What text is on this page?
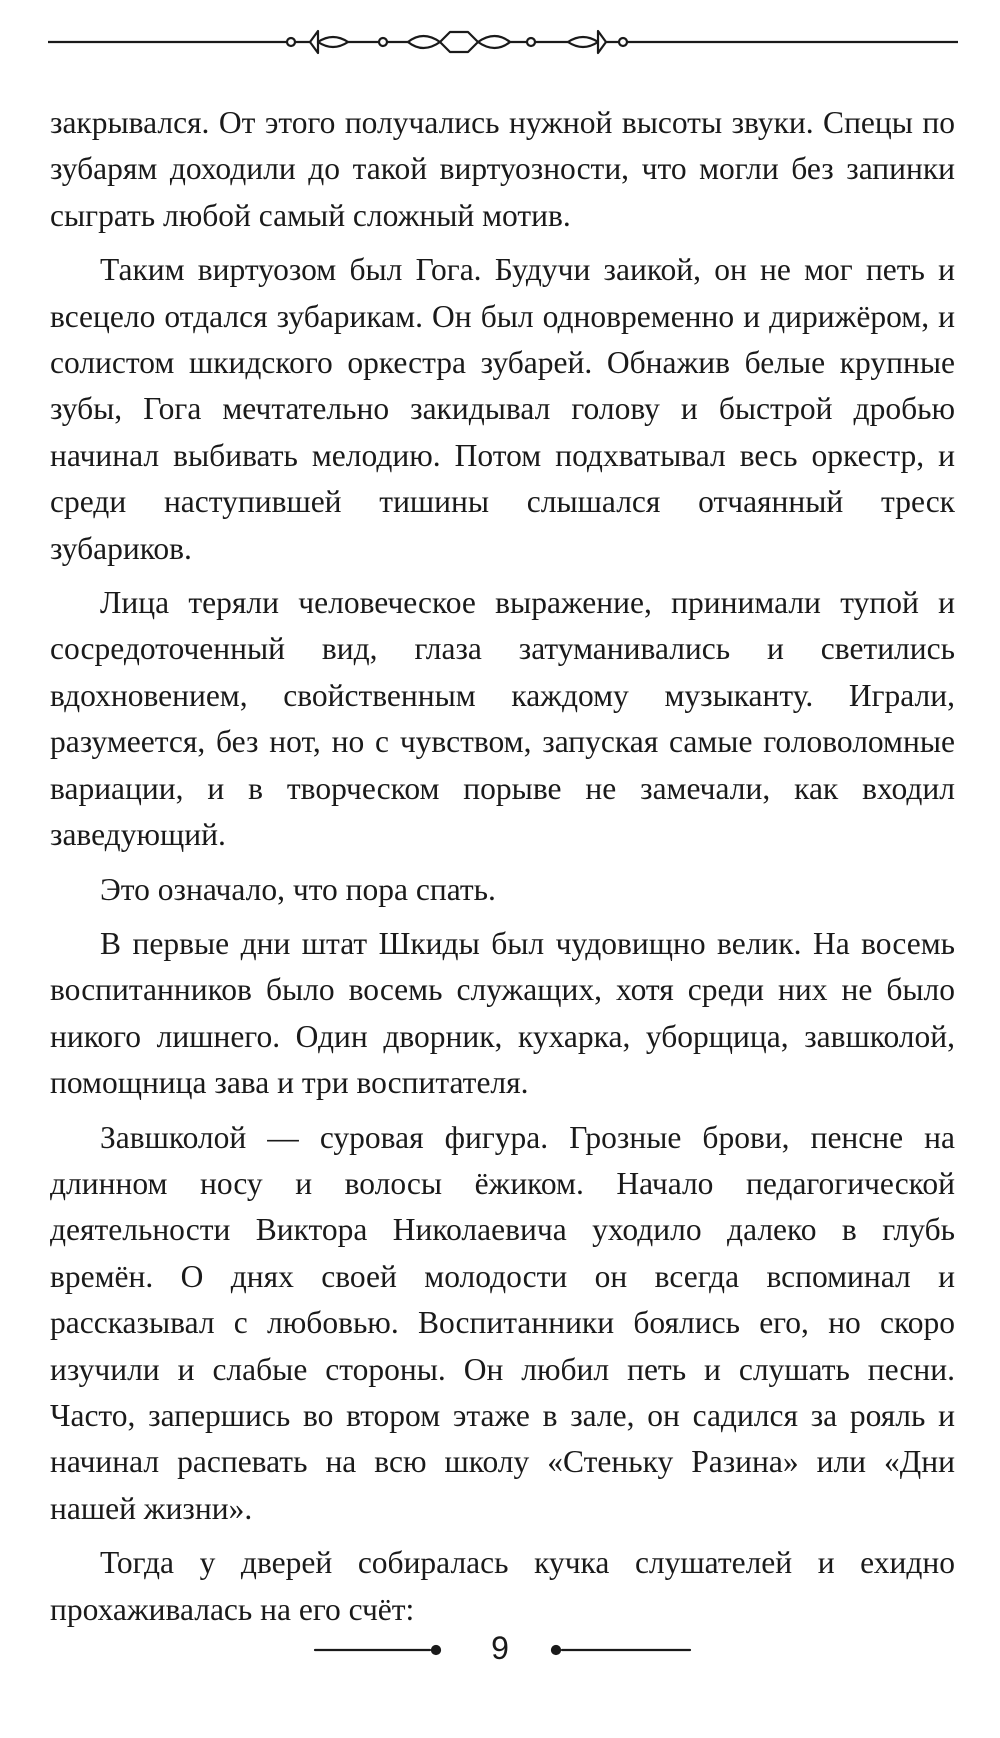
закрывался. От этого получались нужной высоты звуки. Спецы по зубарям доходили до такой виртуозности, что могли без запинки сыграть любой самый сложный мотив.

Таким виртуозом был Гога. Будучи заикой, он не мог петь и всецело отдался зубарикам. Он был одновременно и дирижёром, и солистом шкидского оркестра зубарей. Обнажив белые крупные зубы, Гога мечтательно закидывал голову и быстрой дробью начинал выбивать мелодию. Потом подхватывал весь оркестр, и среди наступившей тишины слышался отчаянный треск зубариков.

Лица теряли человеческое выражение, принимали тупой и сосредоточенный вид, глаза затуманивались и светились вдохновением, свойственным каждому музыканту. Играли, разумеется, без нот, но с чувством, запуская самые головоломные вариации, и в творческом порыве не замечали, как входил заведующий.

Это означало, что пора спать.

В первые дни штат Шкиды был чудовищно велик. На восемь воспитанников было восемь служащих, хотя среди них не было никого лишнего. Один дворник, кухарка, уборщица, завшколой, помощница зава и три воспитателя.

Завшколой — суровая фигура. Грозные брови, пенсне на длинном носу и волосы ёжиком. Начало педагогической деятельности Виктора Николаевича уходило далеко в глубь времён. О днях своей молодости он всегда вспоминал и рассказывал с любовью. Воспитанники боялись его, но скоро изучили и слабые стороны. Он любил петь и слушать песни. Часто, запершись во втором этаже в зале, он садился за рояль и начинал распевать на всю школу «Стеньку Разина» или «Дни нашей жизни».

Тогда у дверей собиралась кучка слушателей и ехидно прохаживалась на его счёт:

9
